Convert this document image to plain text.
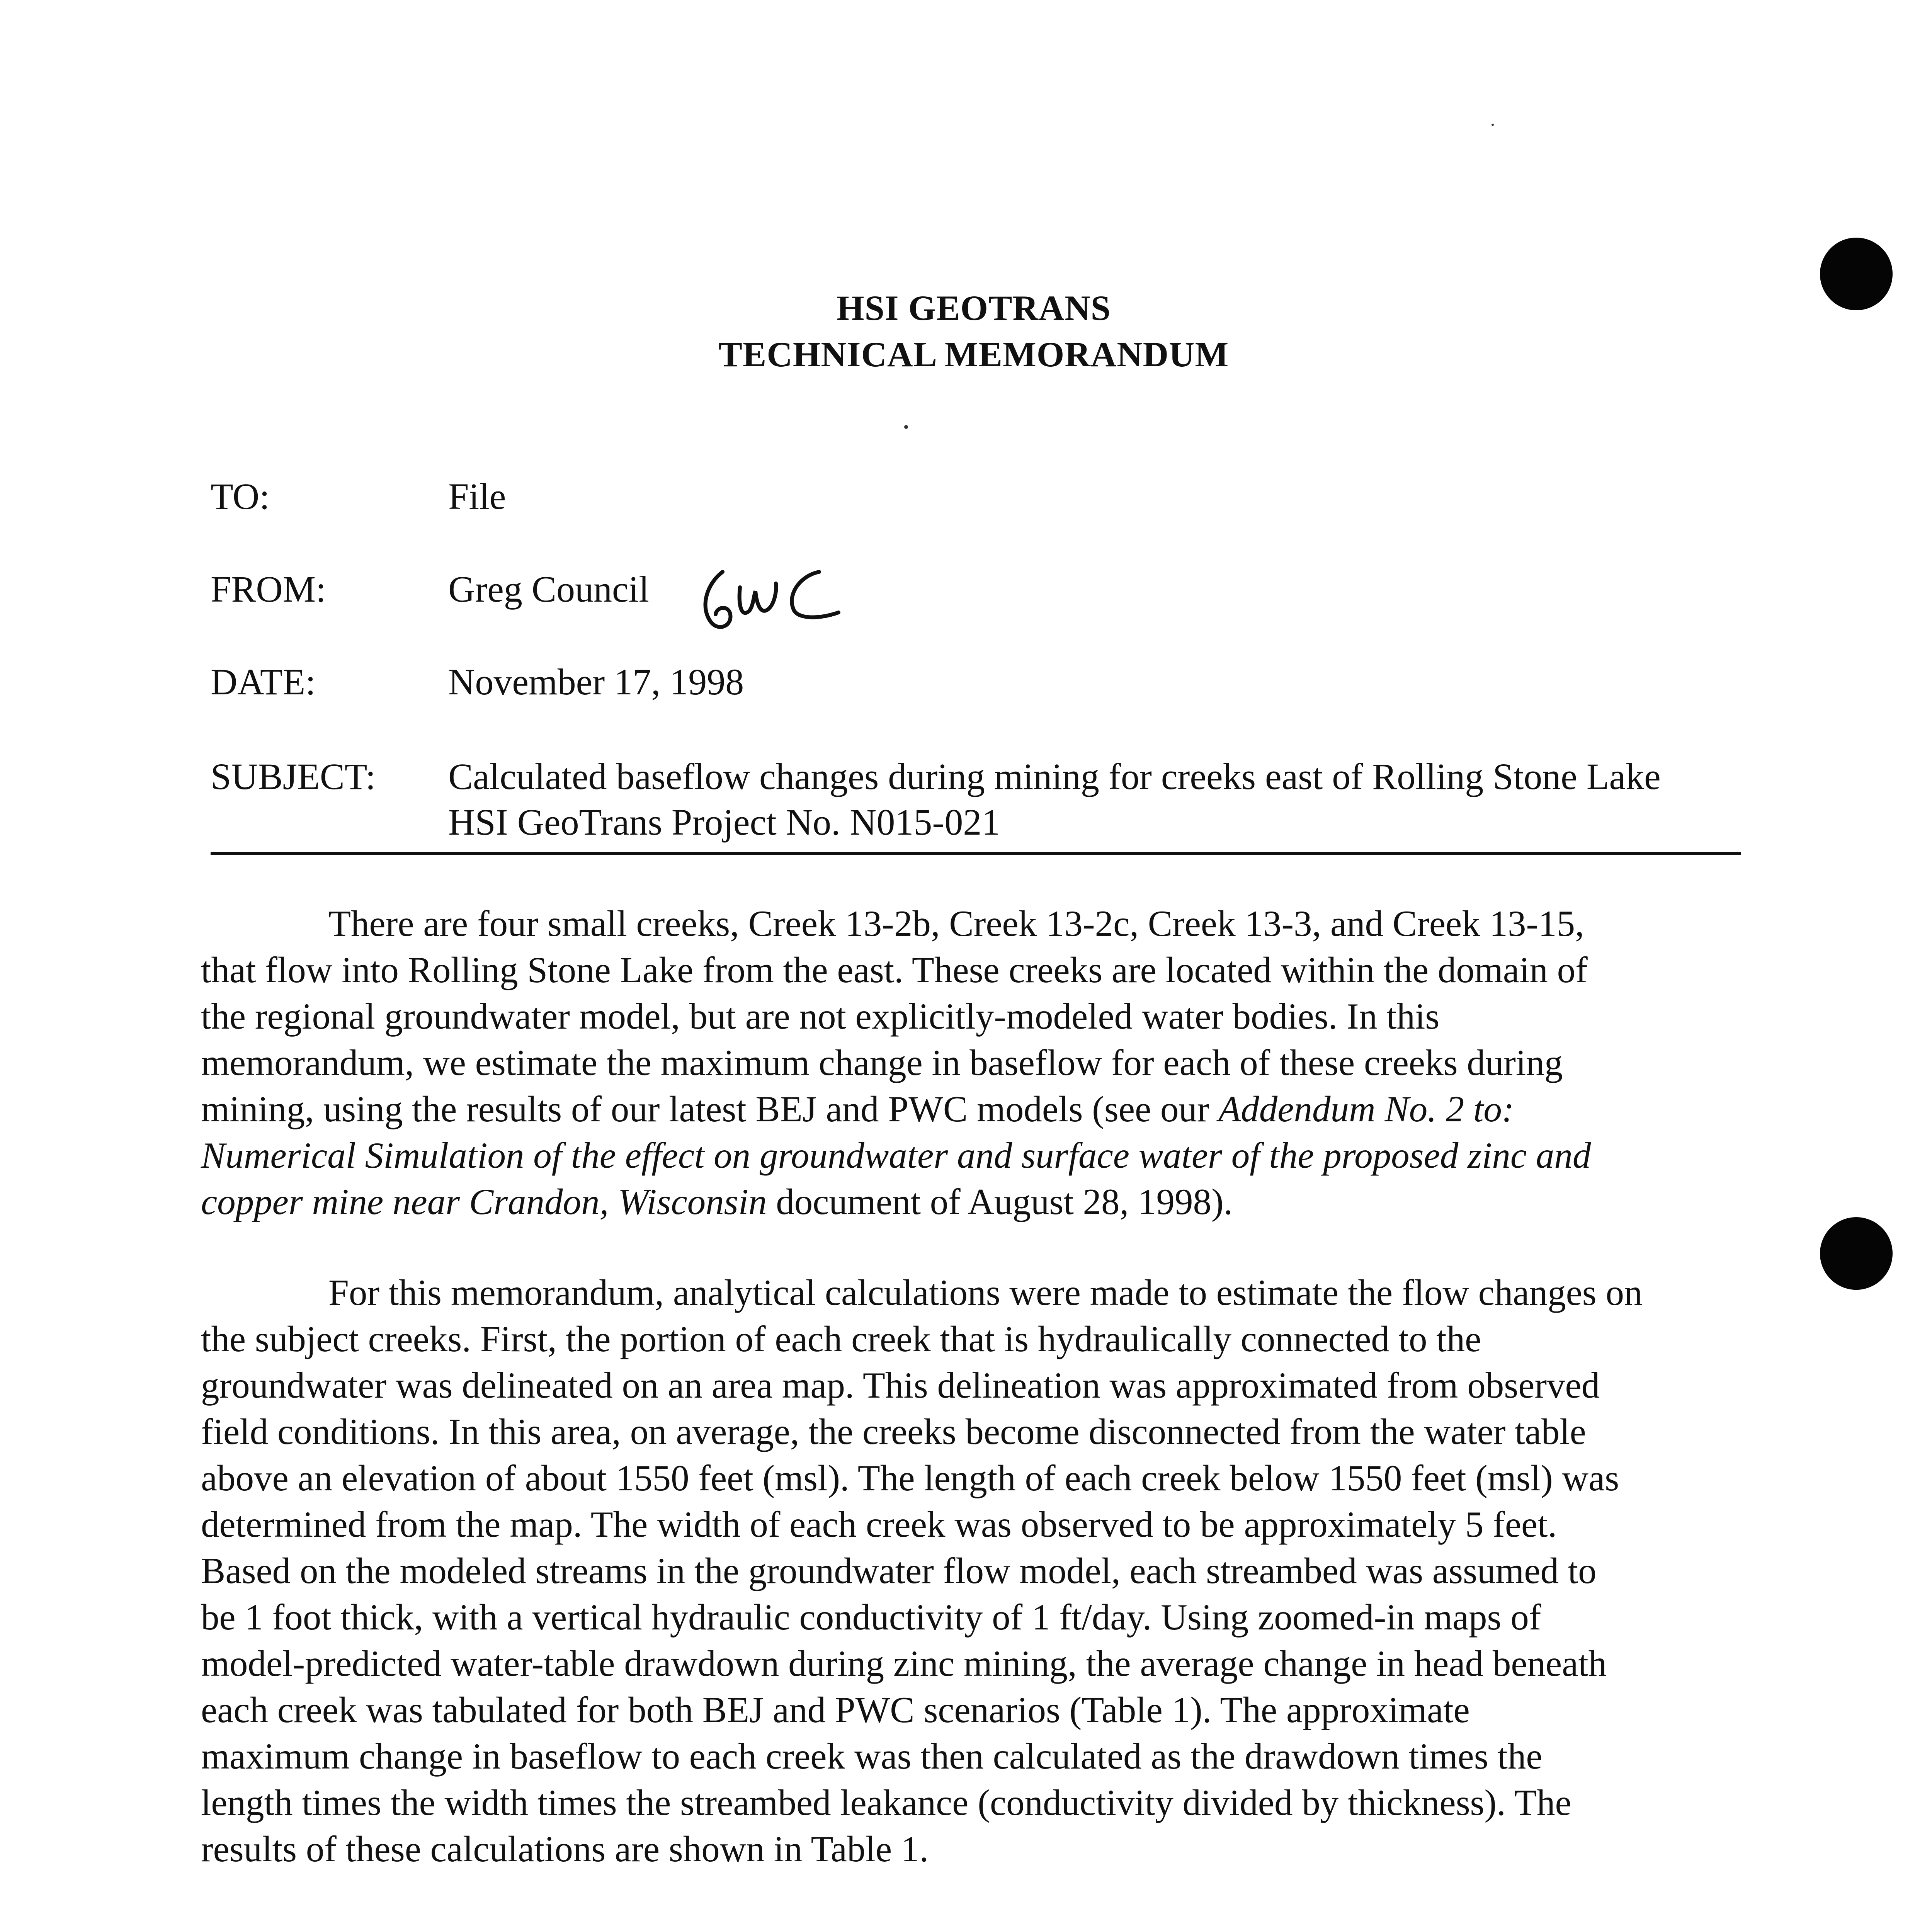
HSI GEOTRANS
TECHNICAL MEMORANDUM
TO:	File
FROM:	Greg Council
DATE:	November 17, 1998
SUBJECT: Calculated baseflow changes during mining for creeks east of Rolling Stone Lake
HSI GeoTrans Project No. N015-021
There are four small creeks, Creek 13-2b, Creek 13-2c, Creek 13-3, and Creek 13-15,
that flow into Rolling Stone Lake from the east. These creeks are located within the domain of
the regional groundwater model, but are not explicitly-modeled water bodies. In this
memorandum, we estimate the maximum change in baseflow for each of these creeks during
mining, using the results of our latest BEJ and PWC models (see our Addendum No. 2 to:
Numerical Simulation of the effect on groundwater and surface water of the proposed zinc and
copper mine near Crandon, Wisconsin document of August 28, 1998).
For this memorandum, analytical calculations were made to estimate the flow changes on
the subject creeks. First, the portion of each creek that is hydraulically connected to the
groundwater was delineated on an area map. This delineation was approximated from observed
field conditions. In this area, on average, the creeks become disconnected from the water table
above an elevation of about 1550 feet (msl). The length of each creek below 1550 feet (msl) was
determined from the map. The width of each creek was observed to be approximately 5 feet.
Based on the modeled streams in the groundwater flow model, each streambed was assumed to
be 1 foot thick, with a vertical hydraulic conductivity of 1 ft/day. Using zoomed-in maps of
model-predicted water-table drawdown during zinc mining, the average change in head beneath
each creek was tabulated for both BEJ and PWC scenarios (Table 1). The approximate
maximum change in baseflow to each creek was then calculated as the drawdown times the
length times the width times the streambed leakance (conductivity divided by thickness). The
results of these calculations are shown in Table 1.
